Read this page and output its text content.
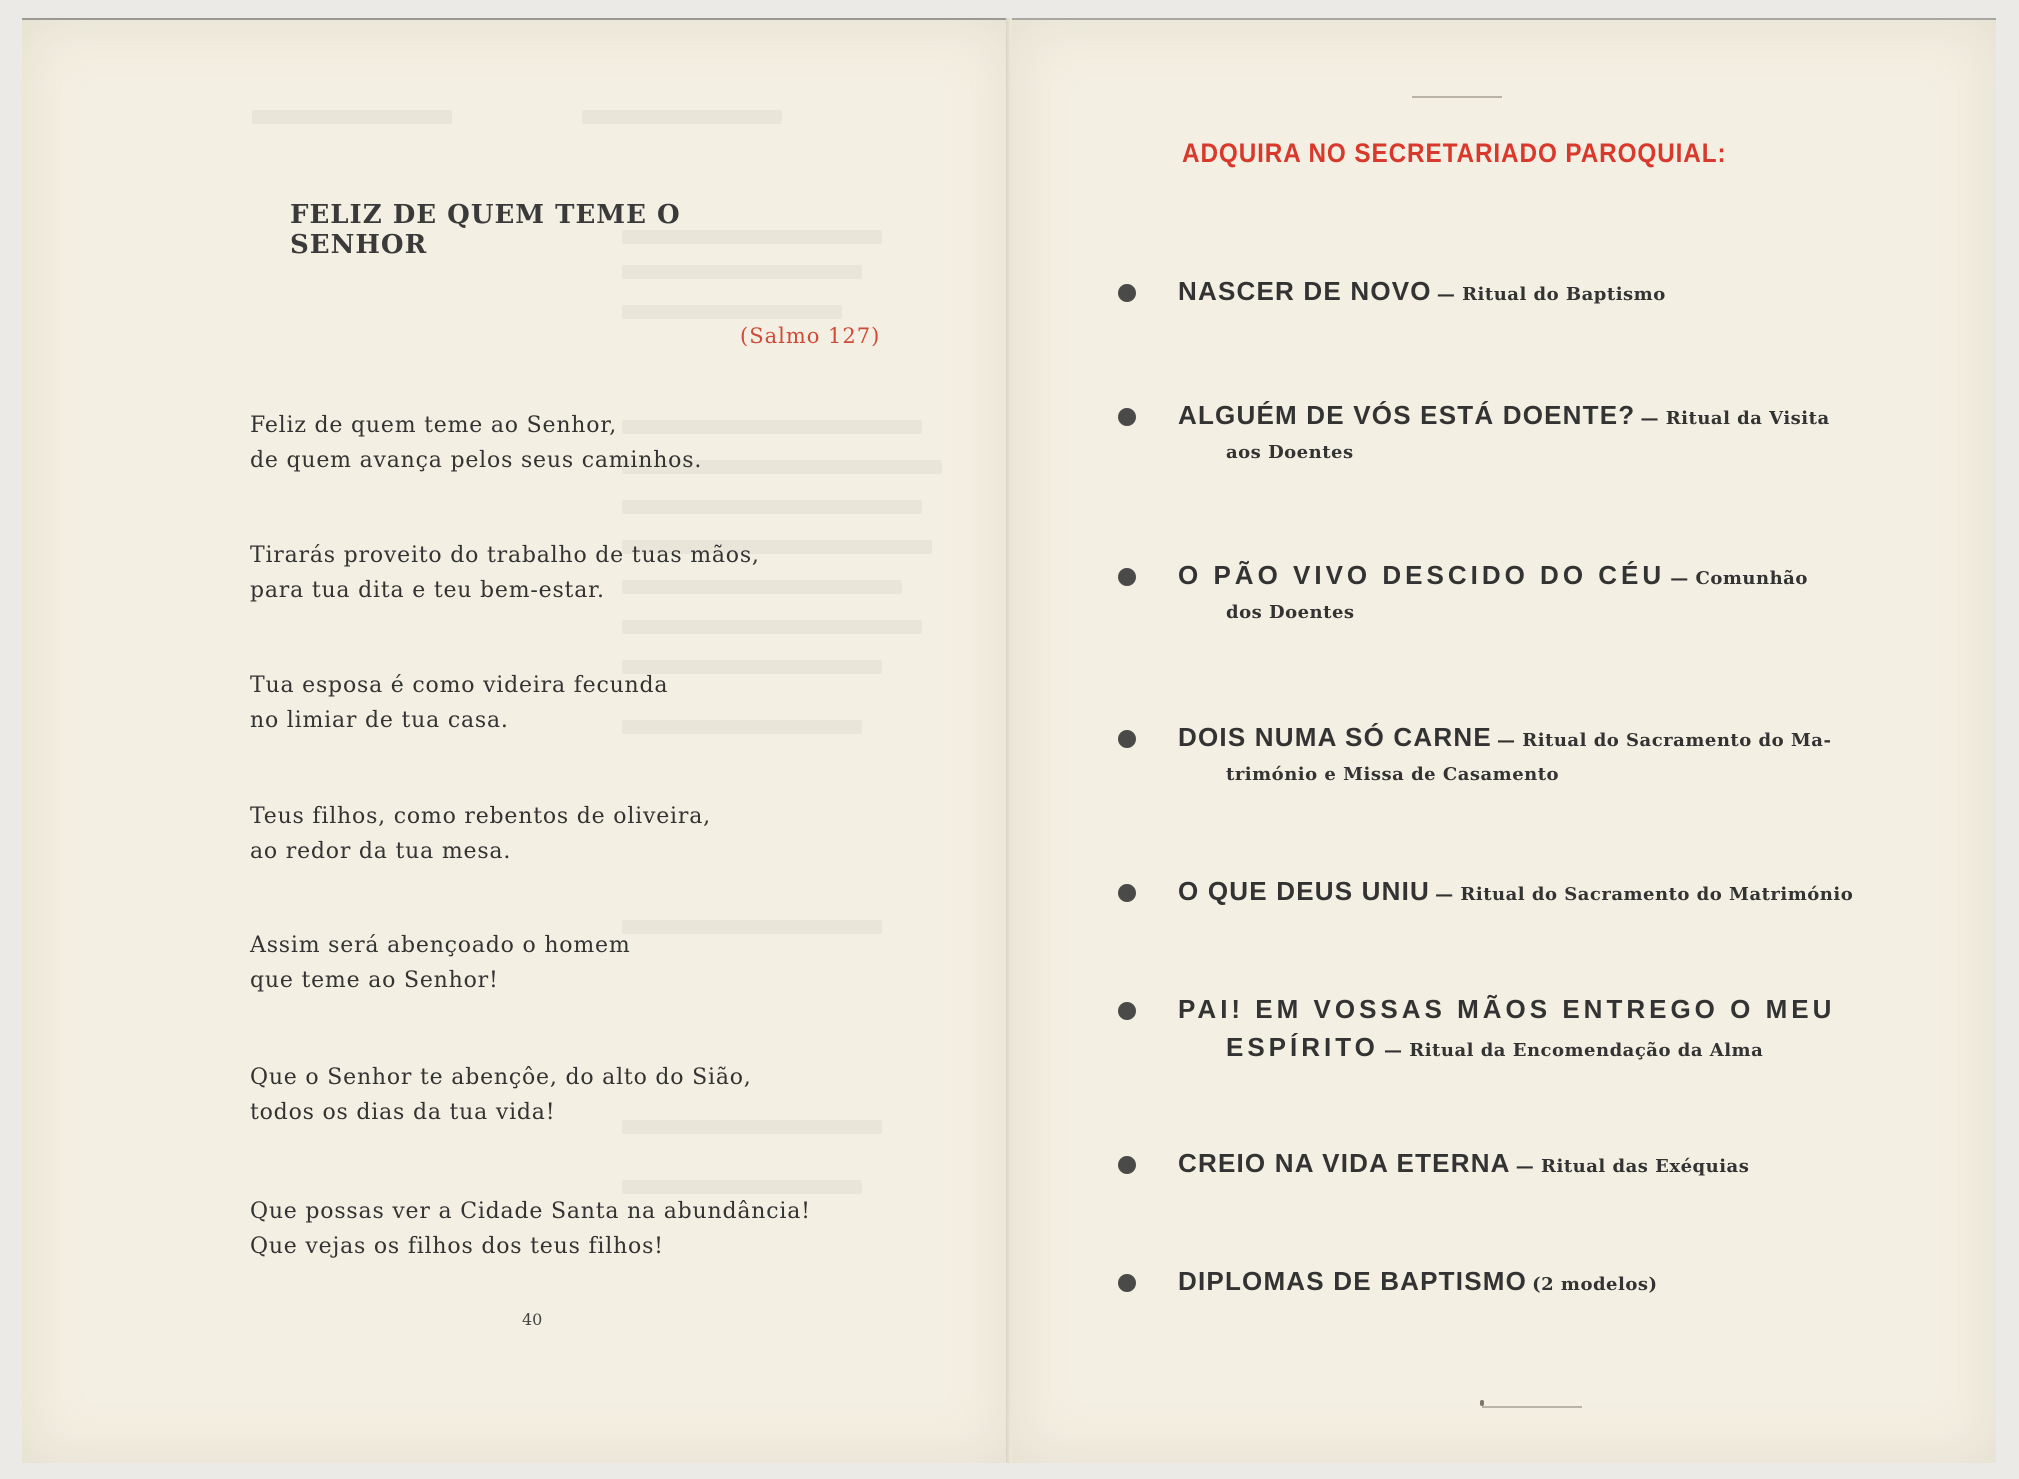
FELIZ DE QUEM TEME O SENHOR
(Salmo 127)
Feliz de quem teme ao Senhor,
de quem avança pelos seus caminhos.
Tirarás proveito do trabalho de tuas mãos,
para tua dita e teu bem-estar.
Tua esposa é como videira fecunda
no limiar de tua casa.
Teus filhos, como rebentos de oliveira,
ao redor da tua mesa.
Assim será abençoado o homem
que teme ao Senhor!
Que o Senhor te abençôe, do alto do Sião,
todos os dias da tua vida!
Que possas ver a Cidade Santa na abundância!
Que vejas os filhos dos teus filhos!
40
ADQUIRA NO SECRETARIADO PAROQUIAL:
NASCER DE NOVO — Ritual do Baptismo
ALGUÉM DE VÓS ESTÁ DOENTE? — Ritual da Visita
aos Doentes
O PÃO VIVO DESCIDO DO CÉU — Comunhão
dos Doentes
DOIS NUMA SÓ CARNE — Ritual do Sacramento do Ma-
trimónio e Missa de Casamento
O QUE DEUS UNIU — Ritual do Sacramento do Matrimónio
PAI! EM VOSSAS MÃOS ENTREGO O MEU
ESPÍRITO — Ritual da Encomendação da Alma
CREIO NA VIDA ETERNA — Ritual das Exéquias
DIPLOMAS DE BAPTISMO (2 modelos)
